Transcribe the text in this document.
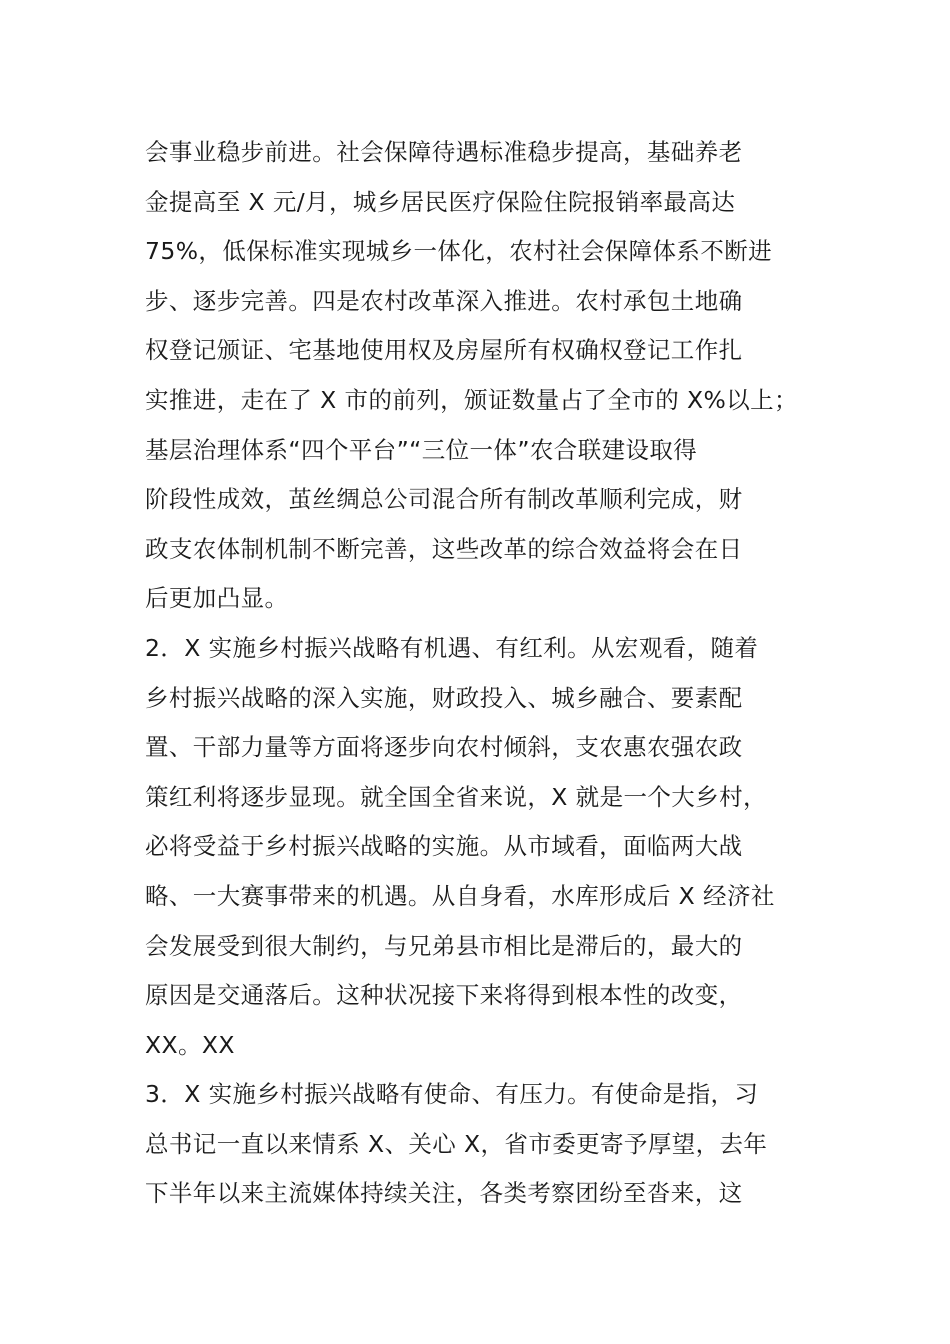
会事业稳步前进。社会保障待遇标准稳步提高，基础养老
金提高至 X 元/月，城乡居民医疗保险住院报销率最高达
75%，低保标准实现城乡一体化，农村社会保障体系不断进
步、逐步完善。四是农村改革深入推进。农村承包土地确
权登记颁证、宅基地使用权及房屋所有权确权登记工作扎
实推进，走在了 X 市的前列，颁证数量占了全市的 X%以上；
基层治理体系“四个平台”“三位一体”农合联建设取得
阶段性成效，茧丝绸总公司混合所有制改革顺利完成，财
政支农体制机制不断完善，这些改革的综合效益将会在日
后更加凸显。
2．X 实施乡村振兴战略有机遇、有红利。从宏观看，随着
乡村振兴战略的深入实施，财政投入、城乡融合、要素配
置、干部力量等方面将逐步向农村倾斜，支农惠农强农政
策红利将逐步显现。就全国全省来说，X 就是一个大乡村，
必将受益于乡村振兴战略的实施。从市域看，面临两大战
略、一大赛事带来的机遇。从自身看，水库形成后 X 经济社
会发展受到很大制约，与兄弟县市相比是滞后的，最大的
原因是交通落后。这种状况接下来将得到根本性的改变，
XX。XX
3．X 实施乡村振兴战略有使命、有压力。有使命是指，习
总书记一直以来情系 X、关心 X，省市委更寄予厚望，去年
下半年以来主流媒体持续关注，各类考察团纷至沓来，这
